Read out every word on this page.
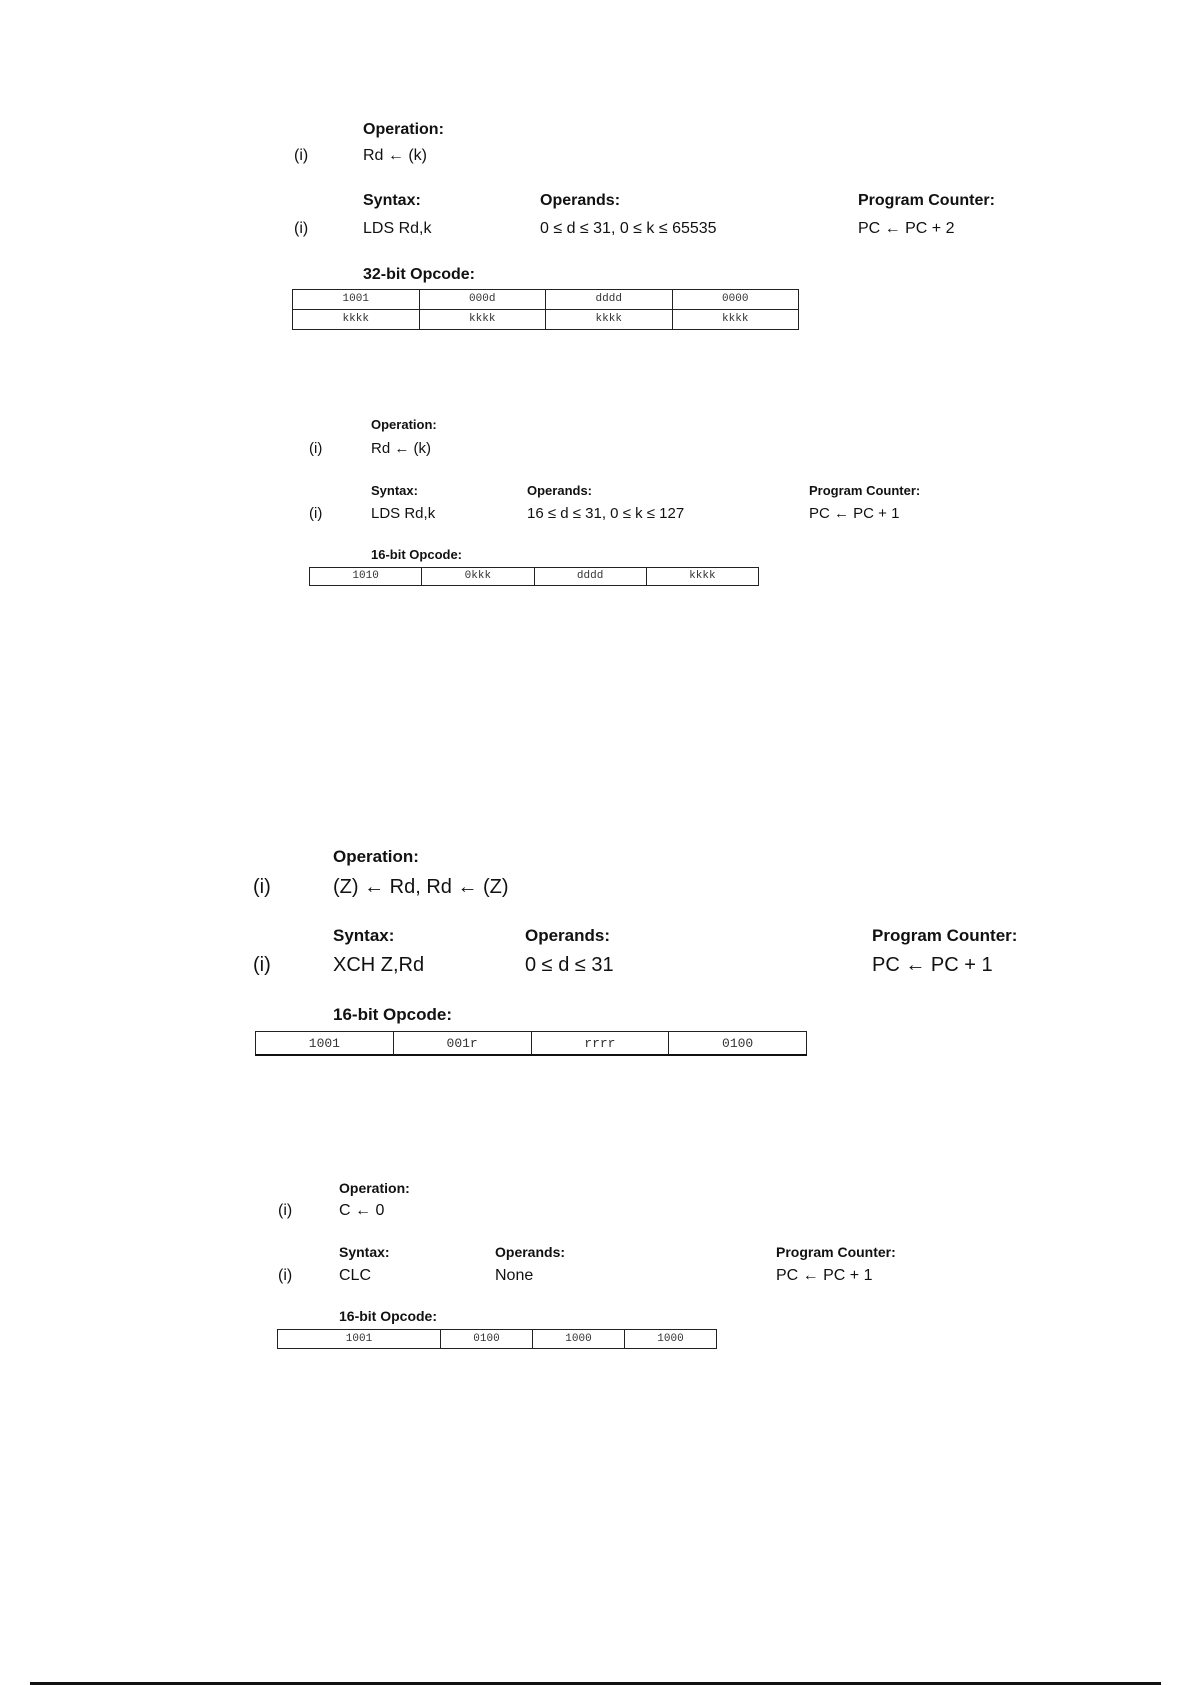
Operation:
(i)	Rd ← (k)
Syntax:	Operands:	Program Counter:
(i)	LDS Rd,k	0 ≤ d ≤ 31, 0 ≤ k ≤ 65535	PC ← PC + 2
32-bit Opcode:
1001	000d	dddd	0000
kkkk	kkkk	kkkk	kkkk
Operation:
(i)	Rd ← (k)
Syntax:	Operands:	Program Counter:
(i)	LDS Rd,k	16 ≤ d ≤ 31, 0 ≤ k ≤ 127	PC ← PC + 1
16-bit Opcode:
1010	0kkk	dddd	kkkk
Operation:
(i)	(Z) ← Rd, Rd ← (Z)
Syntax:	Operands:	Program Counter:
(i)	XCH Z,Rd	0 ≤ d ≤ 31	PC ← PC + 1
16-bit Opcode:
1001	001r	rrrr	0100
Operation:
(i)	C ← 0
Syntax:	Operands:	Program Counter:
(i)	CLC	None	PC ← PC + 1
16-bit Opcode:
1001	0100	1000	1000
